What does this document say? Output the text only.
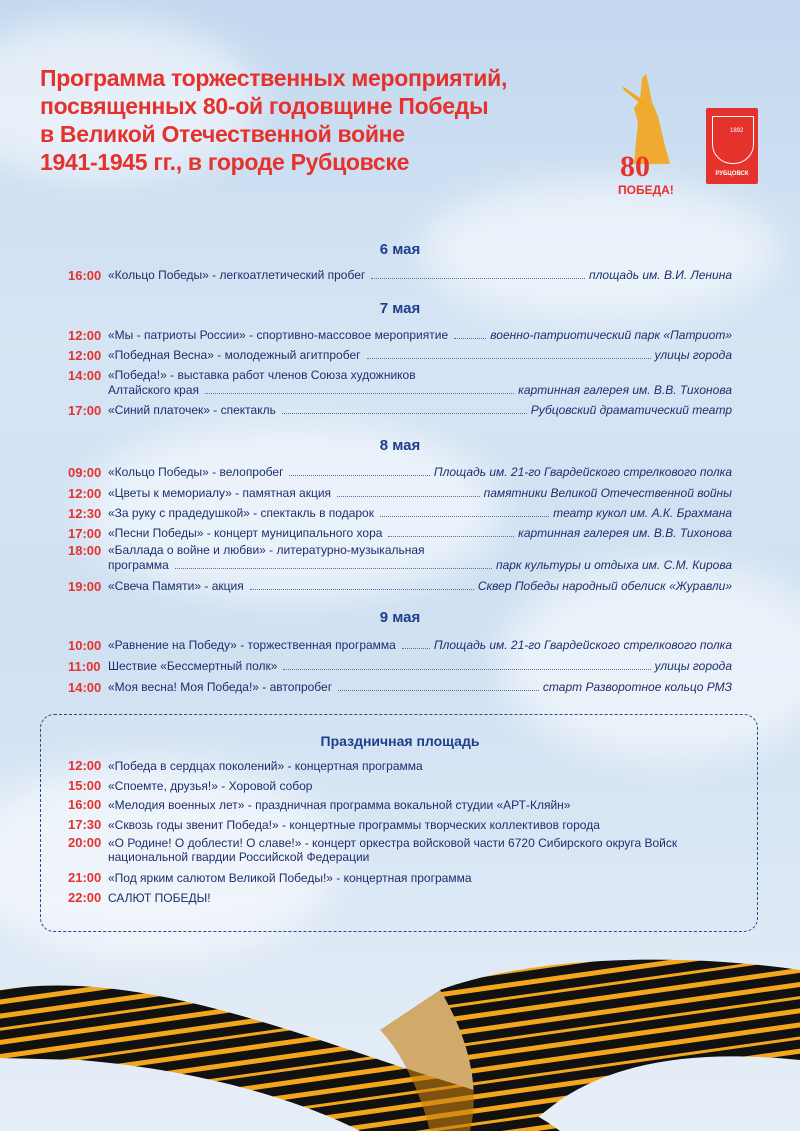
Программа торжественных мероприятий,
посвященных 80-ой годовщине Победы
в Великой Отечественной войне
1941-1945 гг., в городе Рубцовске	80
ПОБЕДА!
1892
РУБЦОВСК
6 мая
16:00 «Кольцо Победы» - легкоатлетический пробег	площадь им. В.И. Ленина
7 мая
12:00 «Мы - патриоты России» - спортивно-массовое мероприятие	военно-патриотический парк «Патриот»
12:00 «Победная Весна» - молодежный агитпробег	улицы города
14:00 «Победа!» - выставка работ членов Союза художников
Алтайского края	картинная галерея им. В.В. Тихонова
17:00 «Синий платочек» - спектакль	Рубцовский драматический театр
8 мая
09:00 «Кольцо Победы» - велопробег	Площадь им. 21-го Гвардейского стрелкового полка
12:00 «Цветы к мемориалу» - памятная акция	памятники Великой Отечественной войны
12:30 «За руку с прадедушкой» - спектакль в подарок	театр кукол им. А.К. Брахмана
17:00 «Песни Победы» - концерт муниципального хора	картинная галерея им. В.В. Тихонова
18:00 «Баллада о войне и любви» - литературно-музыкальная
программа	парк культуры и отдыха им. С.М. Кирова
19:00 «Свеча Памяти» - акция	Сквер Победы народный обелиск «Журавли»
9 мая
10:00 «Равнение на Победу» - торжественная программа	Площадь им. 21-го Гвардейского стрелкового полка
11:00 Шествие «Бессмертный полк»	улицы города
14:00 «Моя весна! Моя Победа!» - автопробег	старт Разворотное кольцо РМЗ
Праздничная площадь
12:00 «Победа в сердцах поколений» - концертная программа
15:00 «Споемте, друзья!» - Хоровой собор
16:00 «Мелодия военных лет» - праздничная программа вокальной студии «АРТ-Кляйн»
17:30 «Сквозь годы звенит Победа!» - концертные программы творческих коллективов города
20:00 «О Родине! О доблести! О славе!» - концерт оркестра войсковой части 6720 Сибирского округа Войск
национальной гвардии Российской Федерации
21:00 «Под ярким салютом Великой Победы!» - концертная программа
22:00 САЛЮТ ПОБЕДЫ!
